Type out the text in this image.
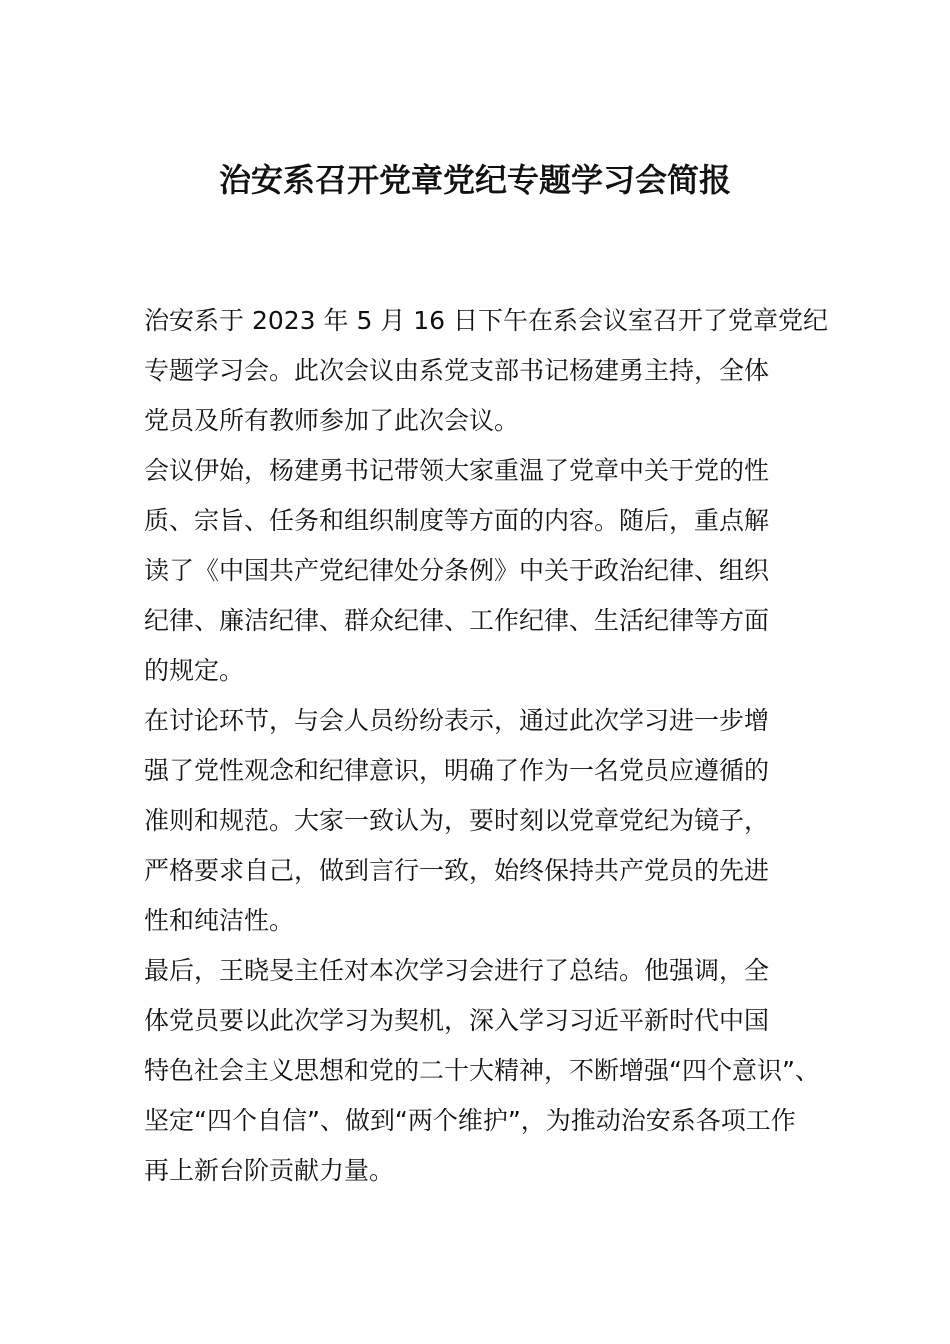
治安系召开党章党纪专题学习会简报

治安系于 2023 年 5 月 16 日下午在系会议室召开了党章党纪
专题学习会。此次会议由系党支部书记杨建勇主持，全体
党员及所有教师参加了此次会议。

会议伊始，杨建勇书记带领大家重温了党章中关于党的性
质、宗旨、任务和组织制度等方面的内容。随后，重点解
读了《中国共产党纪律处分条例》中关于政治纪律、组织
纪律、廉洁纪律、群众纪律、工作纪律、生活纪律等方面
的规定。

在讨论环节，与会人员纷纷表示，通过此次学习进一步增
强了党性观念和纪律意识，明确了作为一名党员应遵循的
准则和规范。大家一致认为，要时刻以党章党纪为镜子，
严格要求自己，做到言行一致，始终保持共产党员的先进
性和纯洁性。

最后，王晓旻主任对本次学习会进行了总结。他强调，全
体党员要以此次学习为契机，深入学习习近平新时代中国
特色社会主义思想和党的二十大精神，不断增强“四个意识”、
坚定“四个自信”、做到“两个维护”，为推动治安系各项工作
再上新台阶贡献力量。
